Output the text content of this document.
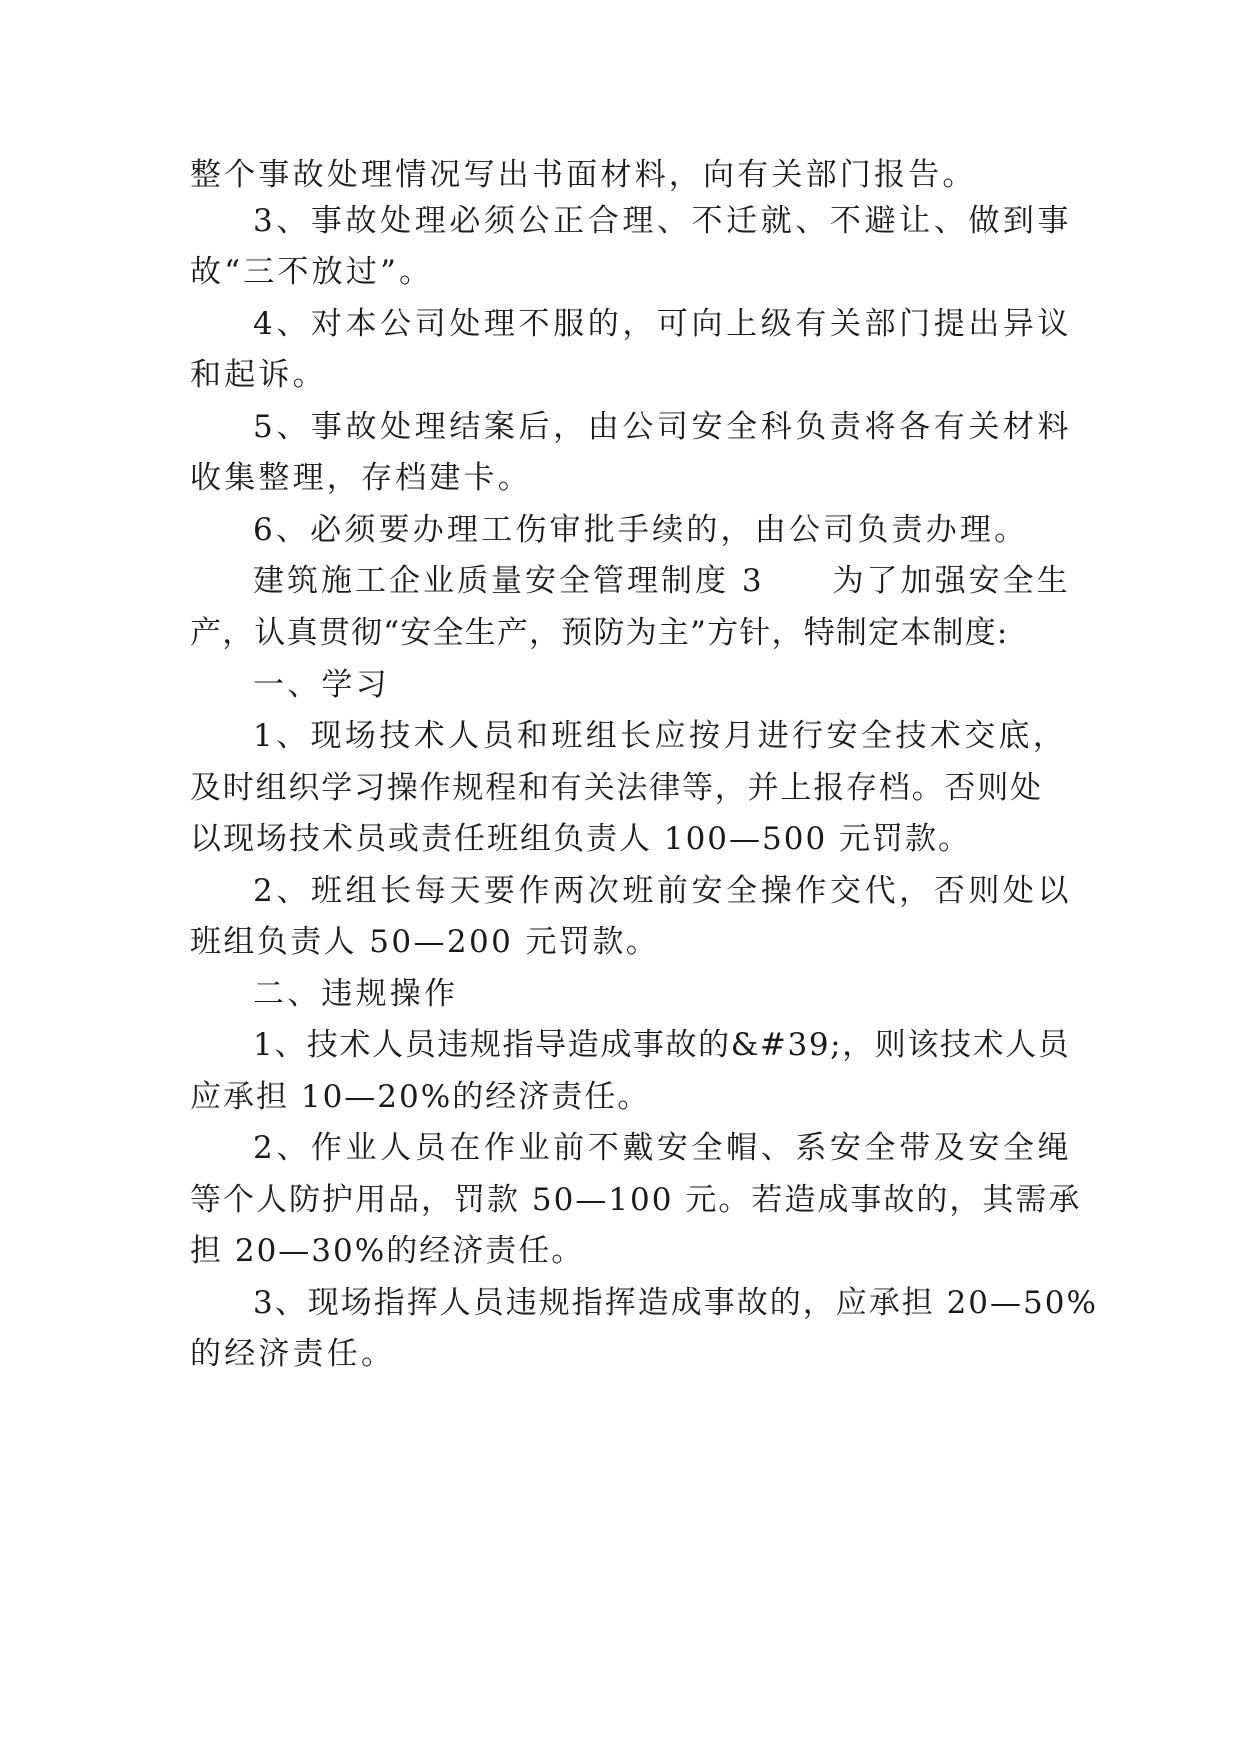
整个事故处理情况写出书面材料，向有关部门报告。
3、事故处理必须公正合理、不迁就、不避让、做到事
故“三不放过”。
4、对本公司处理不服的，可向上级有关部门提出异议
和起诉。
5、事故处理结案后，由公司安全科负责将各有关材料
收集整理，存档建卡。
6、必须要办理工伤审批手续的，由公司负责办理。
建筑施工企业质量安全管理制度 3　　为了加强安全生
产，认真贯彻“安全生产，预防为主”方针，特制定本制度:
一、学习
1、现场技术人员和班组长应按月进行安全技术交底，
及时组织学习操作规程和有关法律等，并上报存档。否则处
以现场技术员或责任班组负责人 100—500 元罚款。
2、班组长每天要作两次班前安全操作交代，否则处以
班组负责人 50—200 元罚款。
二、违规操作
1、技术人员违规指导造成事故的&#39;，则该技术人员
应承担 10—20%的经济责任。
2、作业人员在作业前不戴安全帽、系安全带及安全绳
等个人防护用品，罚款 50—100 元。若造成事故的，其需承
担 20—30%的经济责任。
3、现场指挥人员违规指挥造成事故的，应承担 20—50%
的经济责任。
